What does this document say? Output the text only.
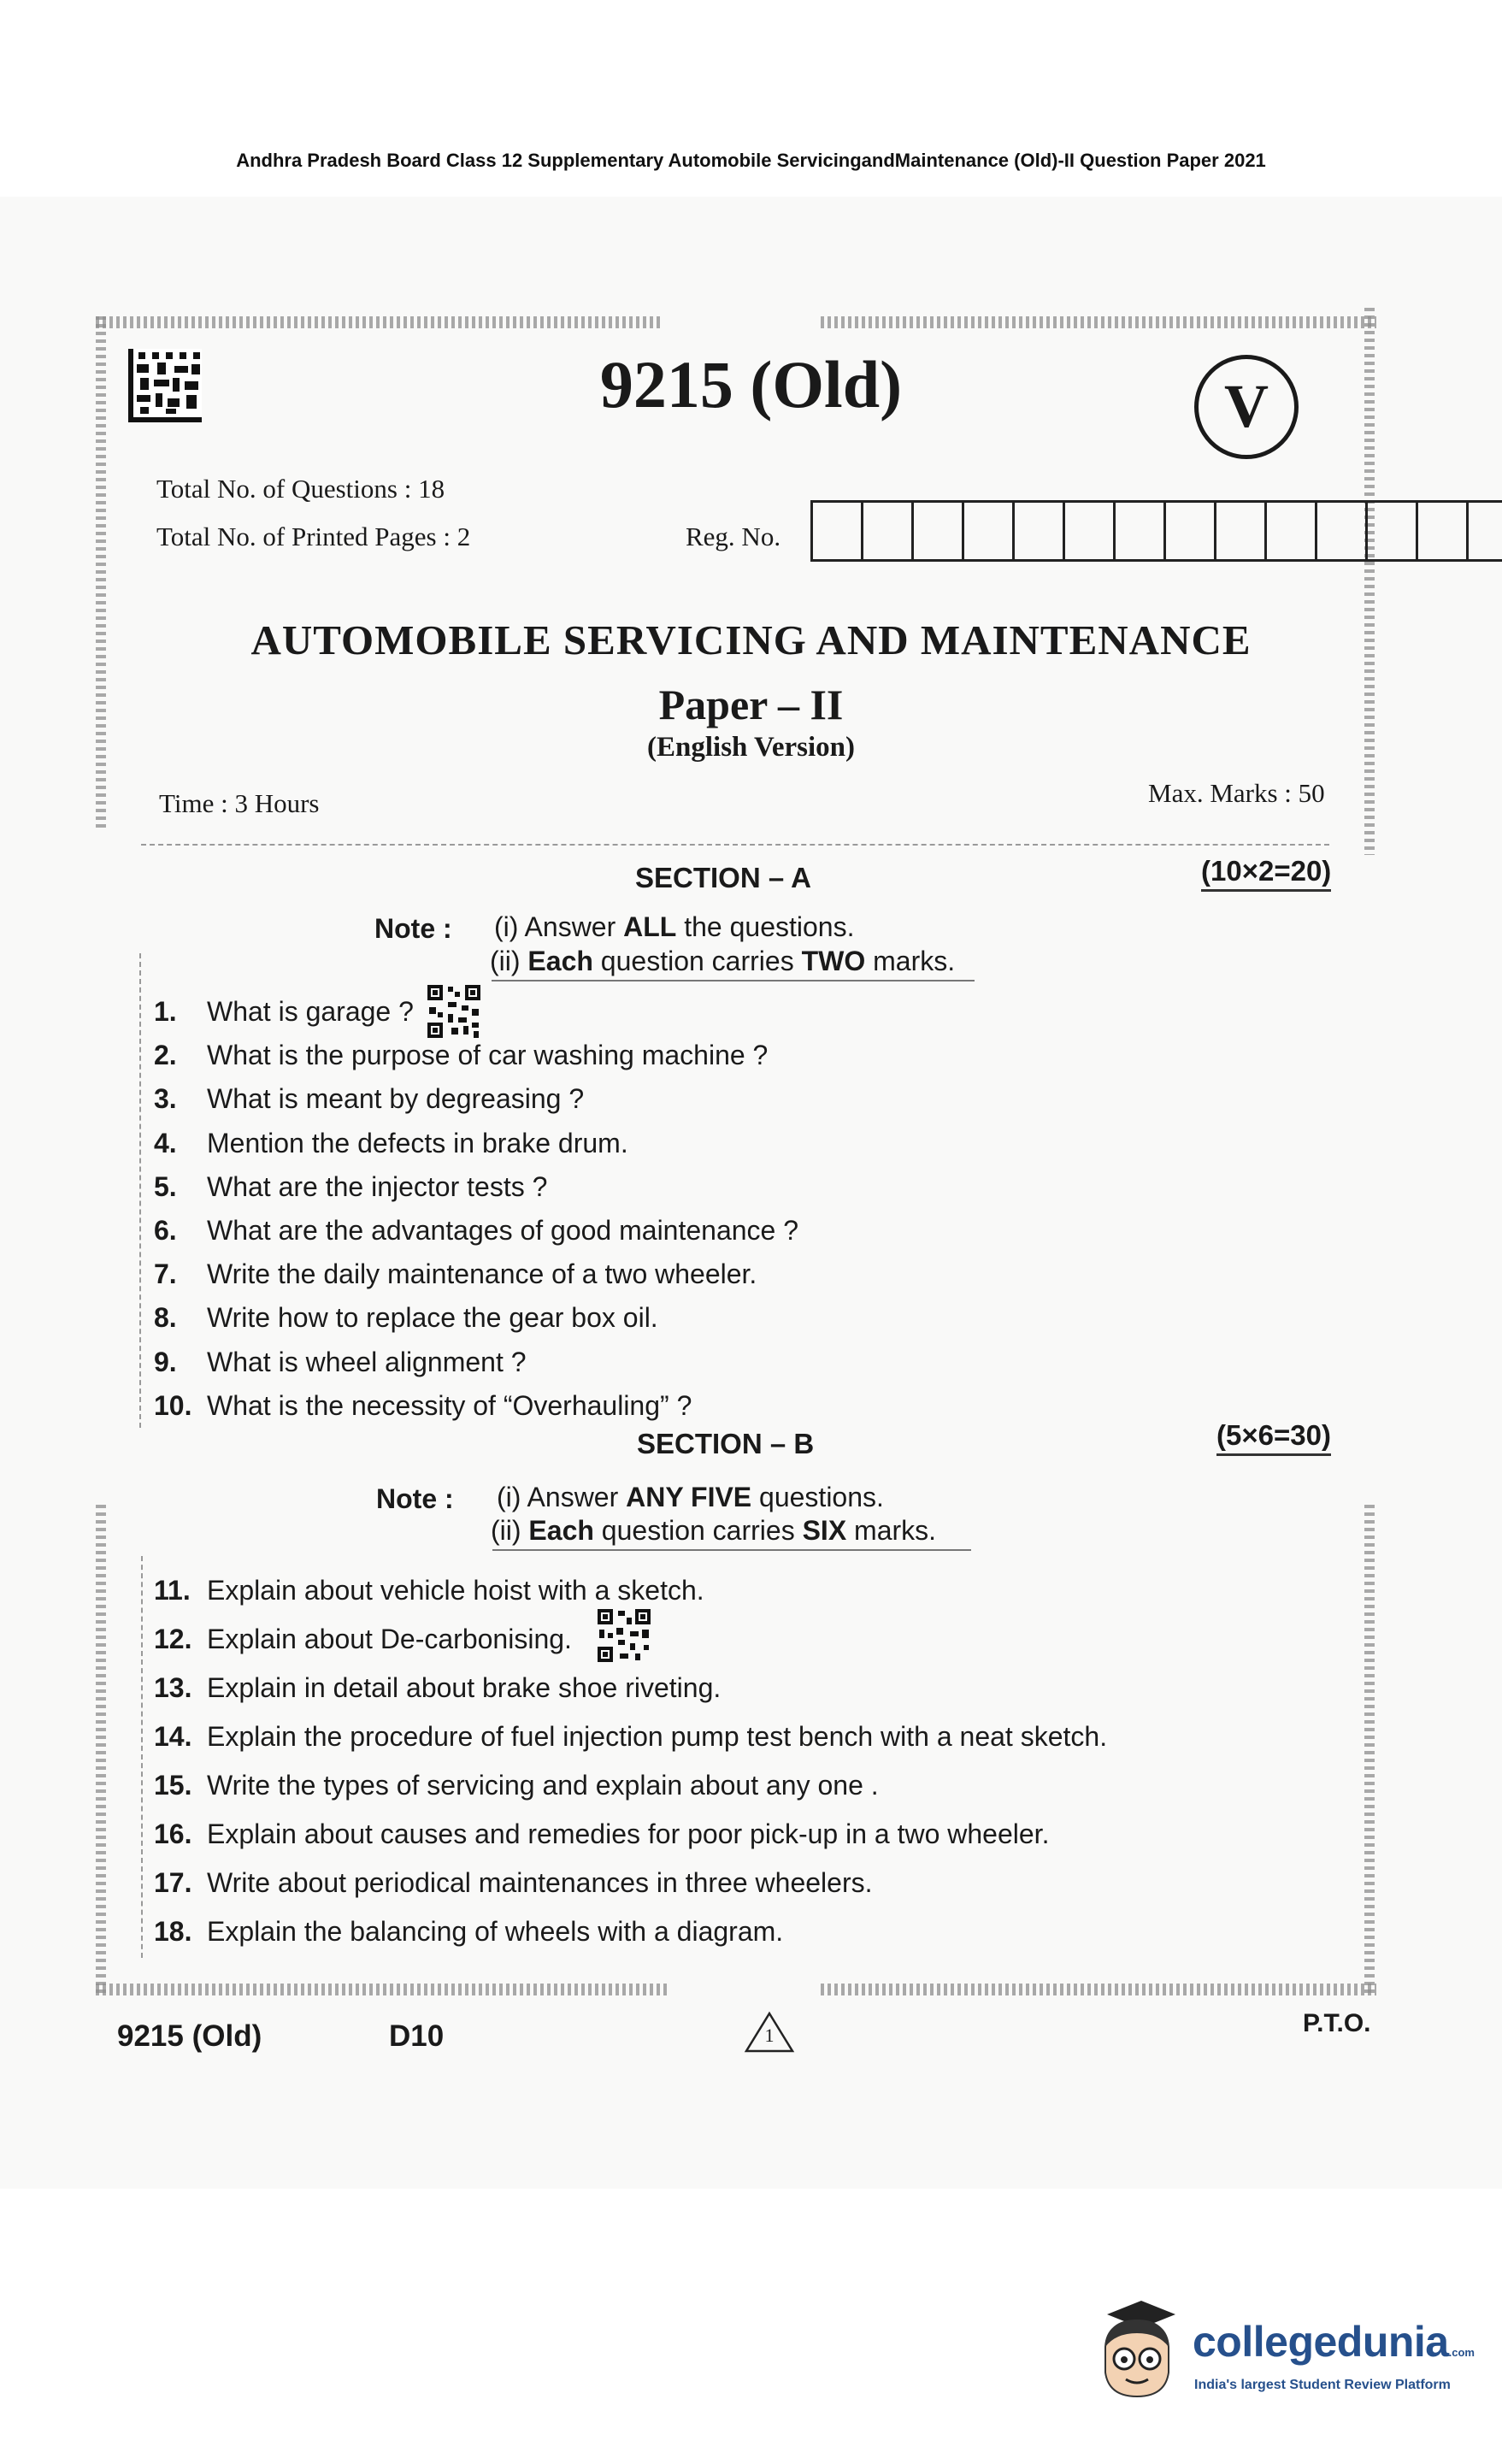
Andhra Pradesh Board Class 12 Supplementary Automobile ServicingandMaintenance (Old)-II Question Paper 2021
9215 (Old)	V
Total No. of Questions : 18
Total No. of Printed Pages : 2	Reg. No.
AUTOMOBILE SERVICING AND MAINTENANCE
Paper – II
(English Version)
Time : 3 Hours	Max. Marks : 50
SECTION – A	(10×2=20)
Note : (i) Answer ALL the questions.
(ii) Each question carries TWO marks.
1. What is garage ?
2. What is the purpose of car washing machine ?
3. What is meant by degreasing ?
4. Mention the defects in brake drum.
5. What are the injector tests ?
6. What are the advantages of good maintenance ?
7. Write the daily maintenance of a two wheeler.
8. Write how to replace the gear box oil.
9. What is wheel alignment ?
10. What is the necessity of “Overhauling” ?
SECTION – B	(5×6=30)
Note : (i) Answer ANY FIVE questions.
(ii) Each question carries SIX marks.
11. Explain about vehicle hoist with a sketch.
12. Explain about De-carbonising.
13. Explain in detail about brake shoe riveting.
14. Explain the procedure of fuel injection pump test bench with a neat sketch.
15. Write the types of servicing and explain about any one .
16. Explain about causes and remedies for poor pick-up in a two wheeler.
17. Write about periodical maintenances in three wheelers.
18. Explain the balancing of wheels with a diagram.
9215 (Old)	D10	1	P.T.O.
collegedunia.com
India's largest Student Review Platform
